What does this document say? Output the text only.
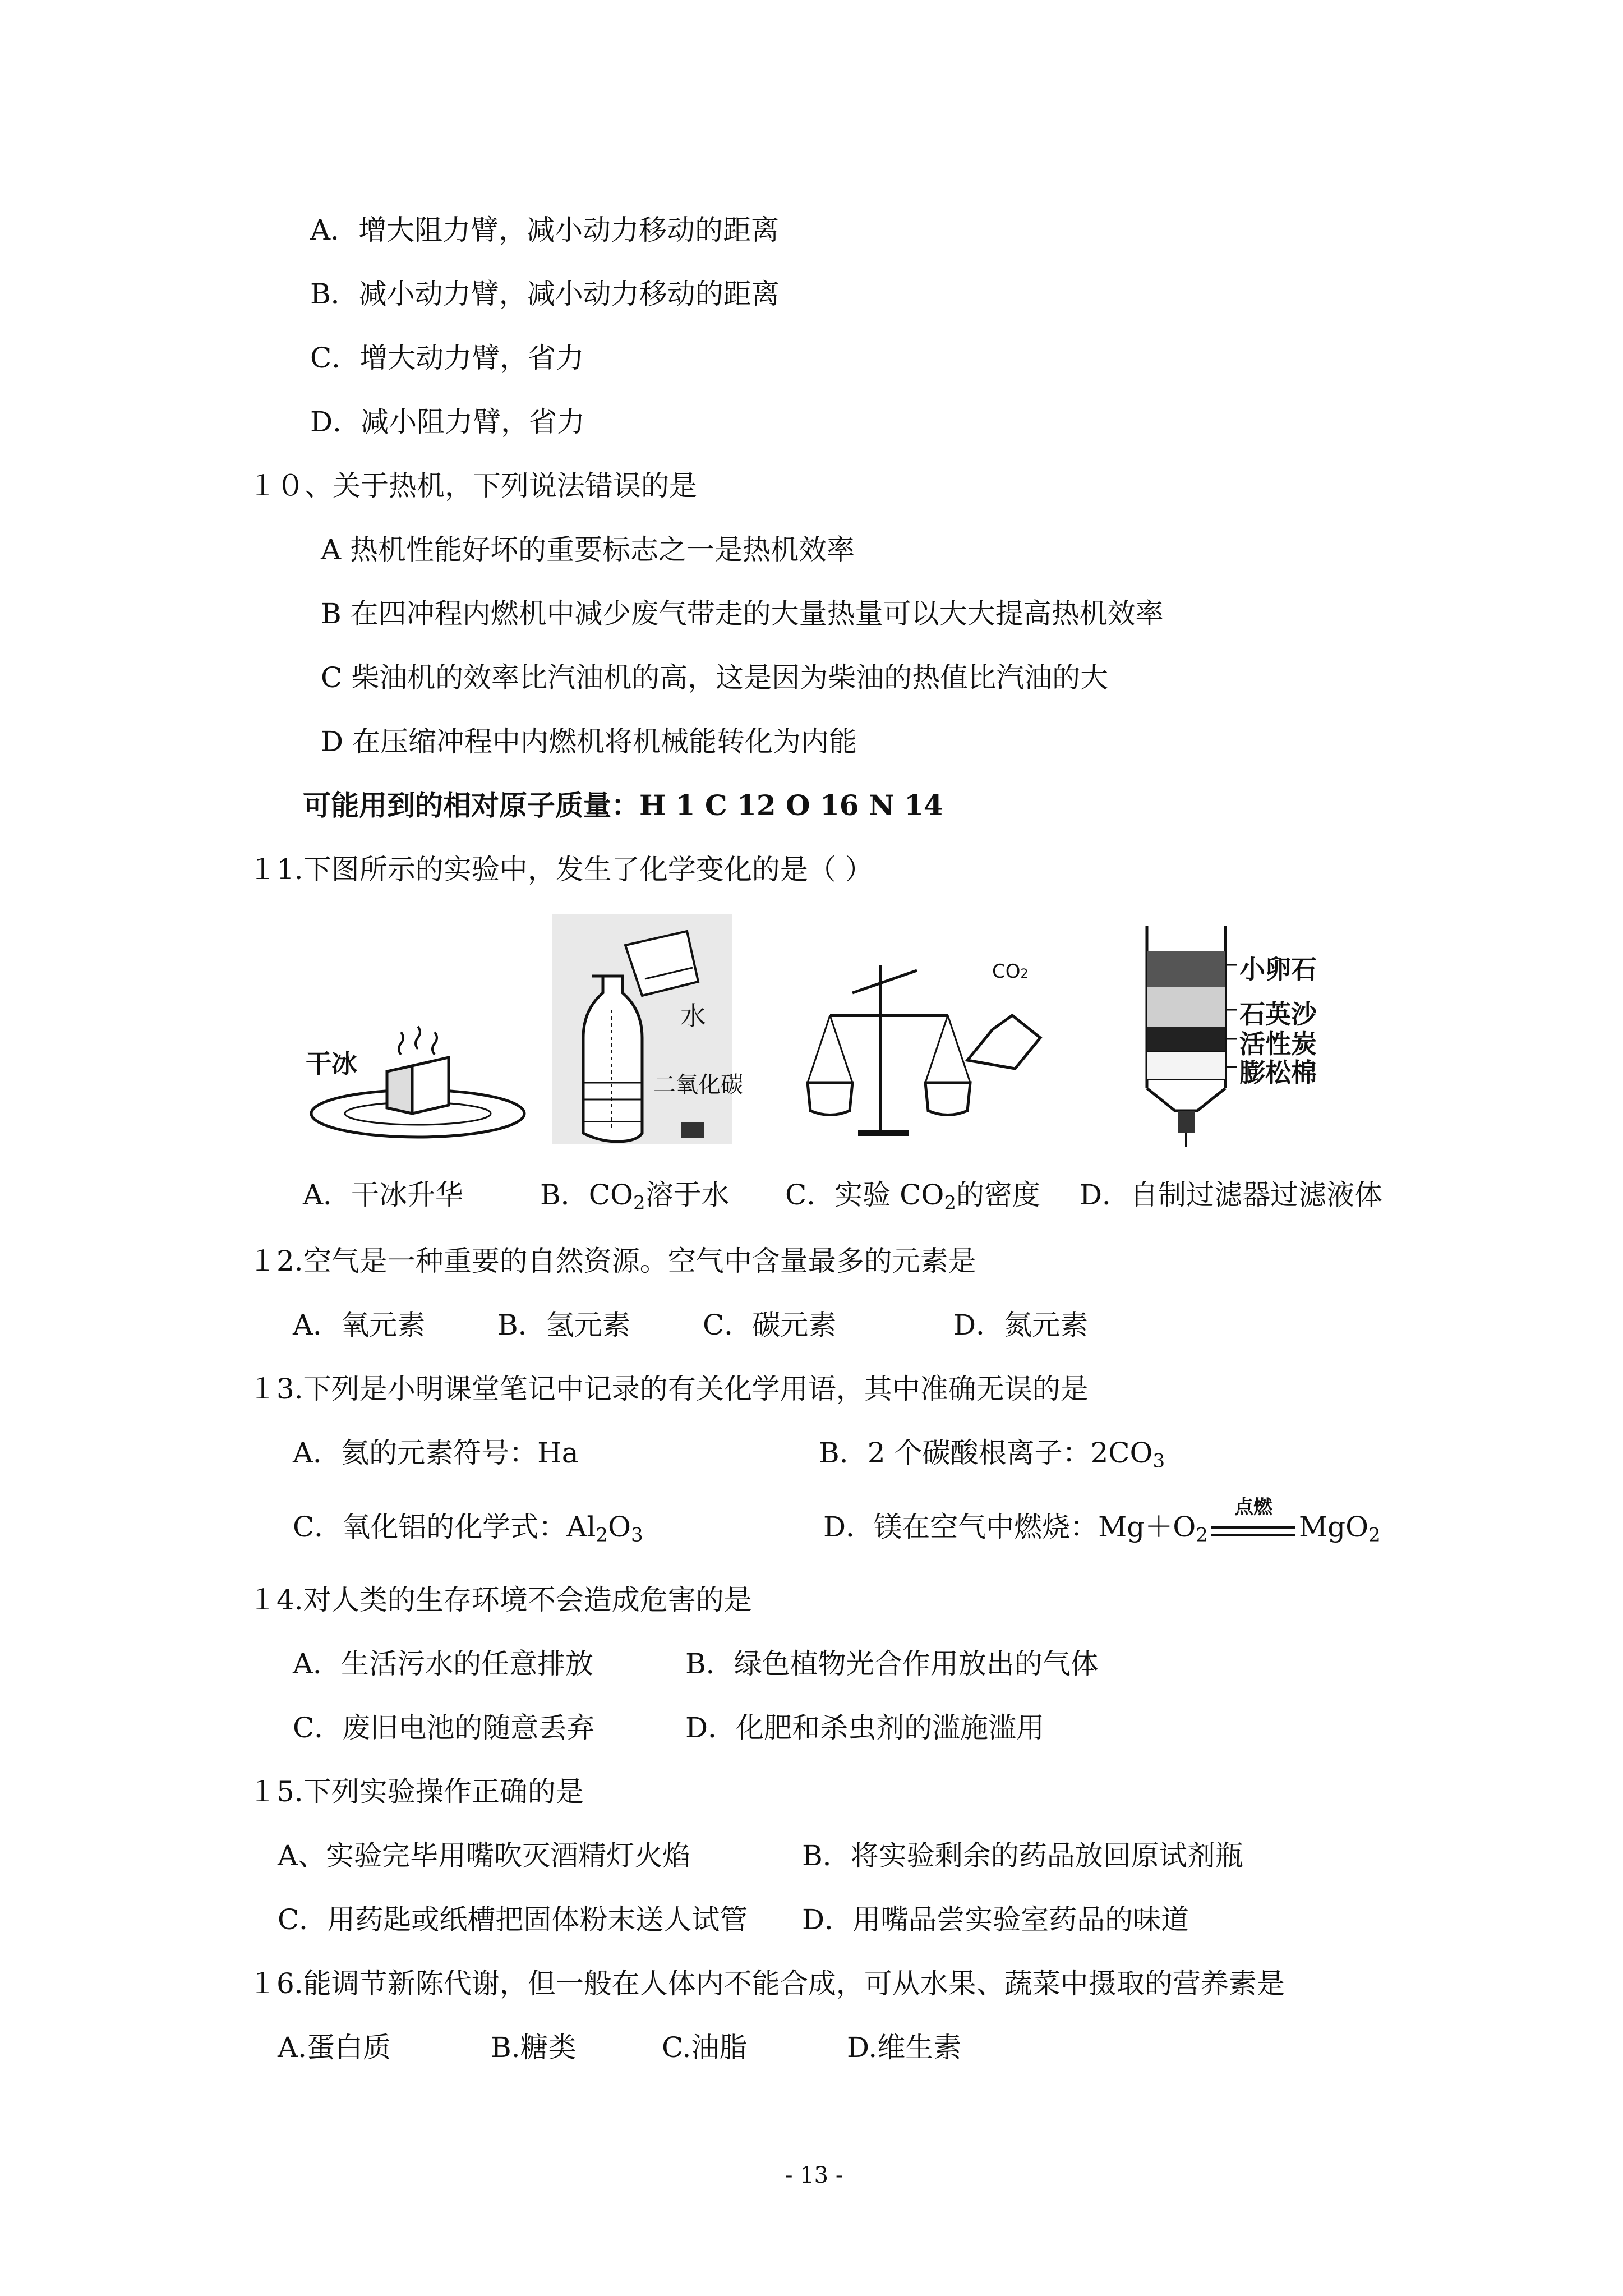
A．增大阻力臂，减小动力移动的距离
B．减小动力臂，减小动力移动的距离
C．增大动力臂，省力
D．减小阻力臂，省力
１０、关于热机，下列说法错误的是
A 热机性能好坏的重要标志之一是热机效率
B 在四冲程内燃机中减少废气带走的大量热量可以大大提高热机效率
C 柴油机的效率比汽油机的高，这是因为柴油的热值比汽油的大
D 在压缩冲程中内燃机将机械能转化为内能
可能用到的相对原子质量：H 1 C 12 O 16 N 14
１1.下图所示的实验中，发生了化学变化的是（ ）
干冰
水
二氧化碳
CO2	小卵石
石英沙
活性炭
膨松棉
A．干冰升华	B．$CO_2$溶于水 C．实验 $CO_2$的密度 D．自制过滤器过滤液体
１2.空气是一种重要的自然资源。空气中含量最多的元素是
A．氧元素	B．氢元素	C．碳元素	D．氮元素
１3.下列是小明课堂笔记中记录的有关化学用语，其中准确无误的是
A．氦的元素符号：Ha	B．2 个碳酸根离子：$2CO_3$
C．氧化铝的化学式：$Al_2O_3$	D．镁在空气中燃烧：$Mg+O_2$
点燃
MgO$_2$
１4.对人类的生存环境不会造成危害的是
A．生活污水的任意排放	B．绿色植物光合作用放出的气体
C．废旧电池的随意丢弃	D．化肥和杀虫剂的滥施滥用
１5.下列实验操作正确的是
A、实验完毕用嘴吹灭酒精灯火焰	B．将实验剩余的药品放回原试剂瓶
C．用药匙或纸槽把固体粉末送人试管 D．用嘴品尝实验室药品的味道
１6.能调节新陈代谢，但一般在人体内不能合成，可从水果、蔬菜中摄取的营养素是
A.蛋白质	B.糖类	C.油脂	D.维生素
- 13 -
